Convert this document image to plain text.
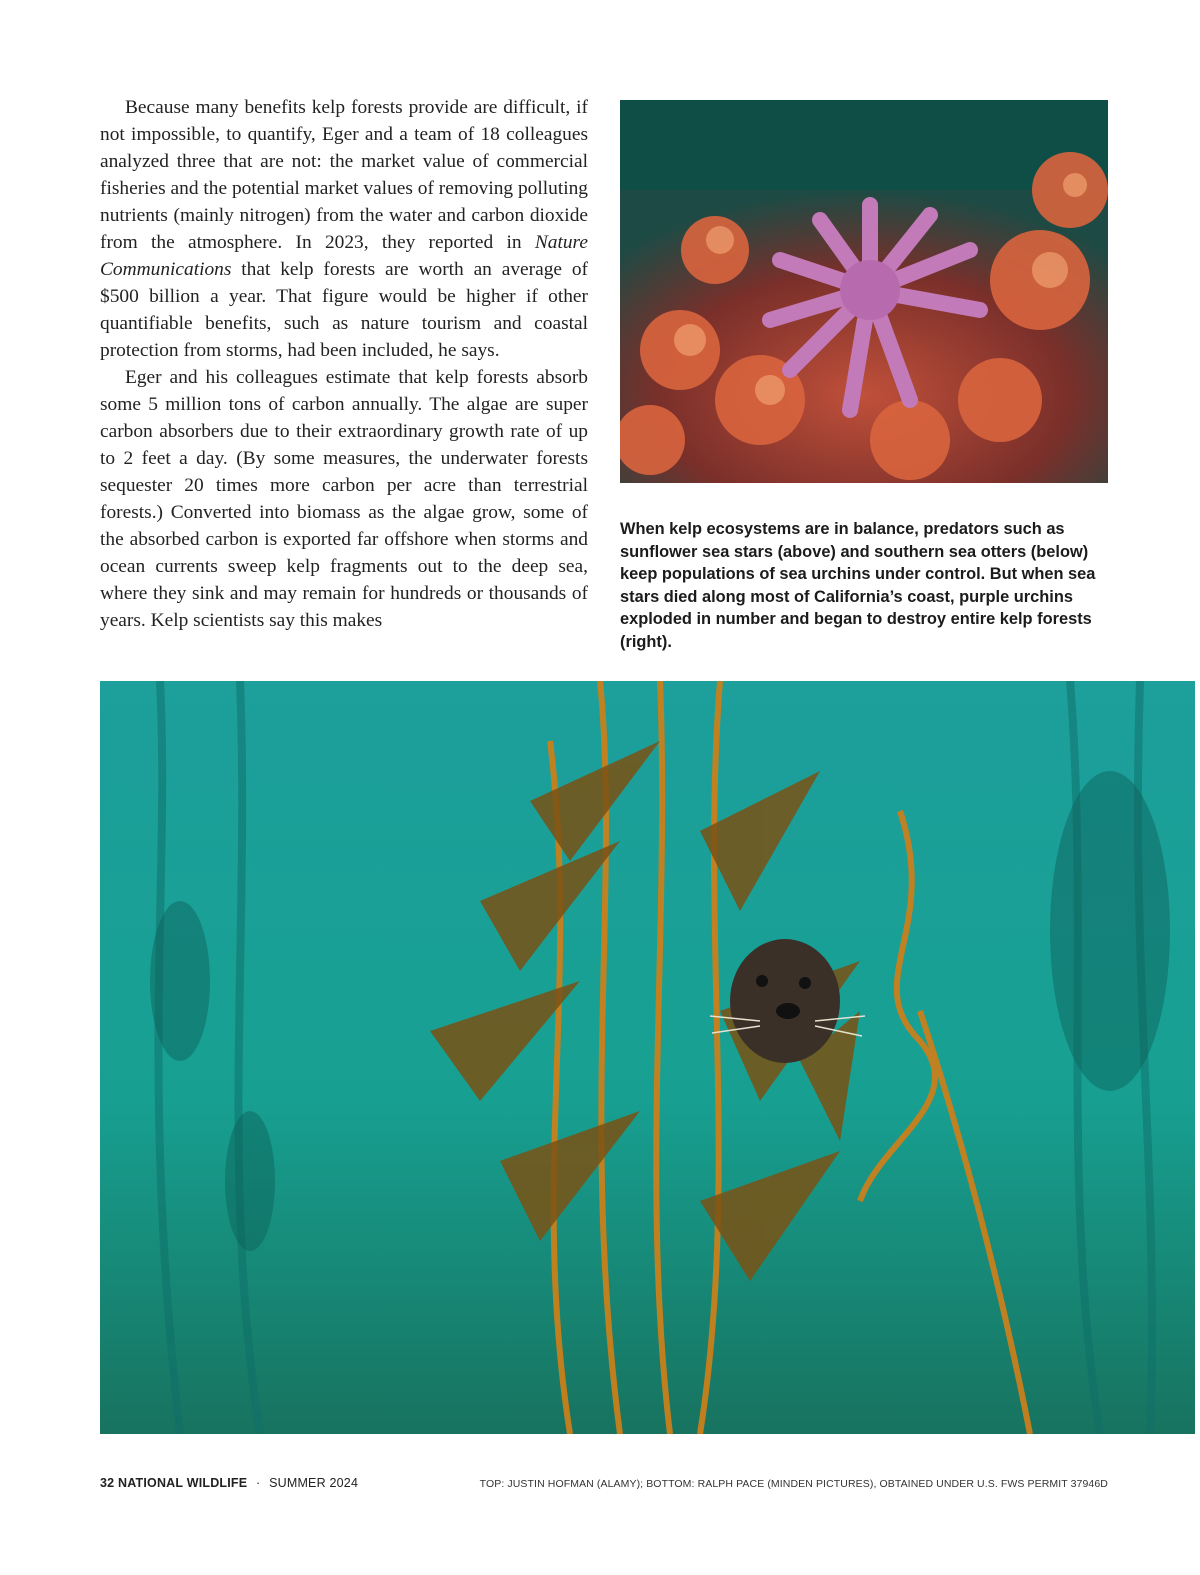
Because many benefits kelp forests provide are difficult, if not impossible, to quantify, Eger and a team of 18 colleagues analyzed three that are not: the market value of commercial fisheries and the potential market values of removing polluting nutrients (mainly nitrogen) from the water and carbon dioxide from the atmosphere. In 2023, they reported in Nature Communications that kelp forests are worth an average of $500 billion a year. That figure would be higher if other quantifiable benefits, such as nature tourism and coastal protection from storms, had been included, he says.

Eger and his colleagues estimate that kelp forests absorb some 5 million tons of carbon annually. The algae are super carbon absorbers due to their extraordinary growth rate of up to 2 feet a day. (By some measures, the underwater forests sequester 20 times more carbon per acre than terrestrial forests.) Converted into biomass as the algae grow, some of the absorbed carbon is exported far offshore when storms and ocean currents sweep kelp fragments out to the deep sea, where they sink and may remain for hundreds or thousands of years. Kelp scientists say this makes

When kelp ecosystems are in balance, predators such as sunflower sea stars (above) and southern sea otters (below) keep populations of sea urchins under control. But when sea stars died along most of California’s coast, purple urchins exploded in number and began to destroy entire kelp forests (right).
32 NATIONAL WILDLIFE · SUMMER 2024	TOP: JUSTIN HOFMAN (ALAMY); BOTTOM: RALPH PACE (MINDEN PICTURES), OBTAINED UNDER U.S. FWS PERMIT 37946D
